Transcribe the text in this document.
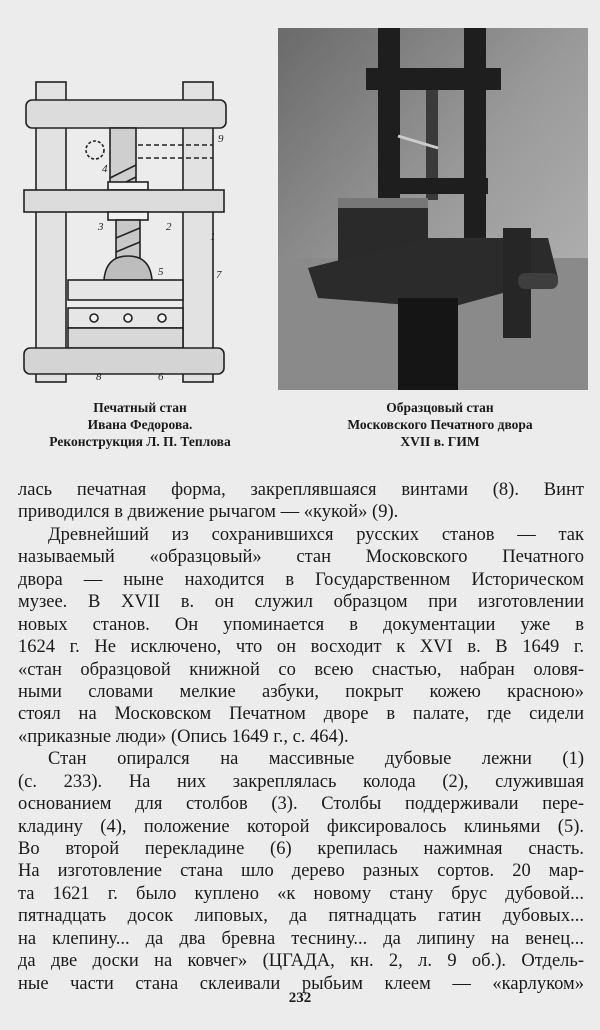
9
4
3	2
1
5	7
8	6
Печатный стан
Ивана Федорова.
Реконструкция Л. П. Теплова
Образцовый стан
Московского Печатного двора
XVII в. ГИМ
лась печатная форма, закреплявшаяся винтами (8). Винт
приводился в движение рычагом — «кукой» (9).
Древнейший из сохранившихся русских станов — так
называемый «образцовый» стан Московского Печатного
двора — ныне находится в Государственном Историческом
музее. В XVII в. он служил образцом при изготовлении
новых станов. Он упоминается в документации уже в
1624 г. Не исключено, что он восходит к XVI в. В 1649 г.
«стан образцовой книжной со всею снастью, набран оловя-
ными словами мелкие азбуки, покрыт кожею красною»
стоял на Московском Печатном дворе в палате, где сидели
«приказные люди» (Опись 1649 г., с. 464).
Стан опирался на массивные дубовые лежни (1)
(с. 233). На них закреплялась колода (2), служившая
основанием для столбов (3). Столбы поддерживали пере-
кладину (4), положение которой фиксировалось клиньями (5).
Во второй перекладине (6) крепилась нажимная снасть.
На изготовление стана шло дерево разных сортов. 20 мар-
та 1621 г. было куплено «к новому стану брус дубовой...
пятнадцать досок липовых, да пятнадцать гатин дубовых...
на клепину... да два бревна теснину... да липину на венец...
да две доски на ковчег» (ЦГАДА, кн. 2, л. 9 об.). Отдель-
ные части стана склеивали рыбьим клеем — «карлуком»
232
